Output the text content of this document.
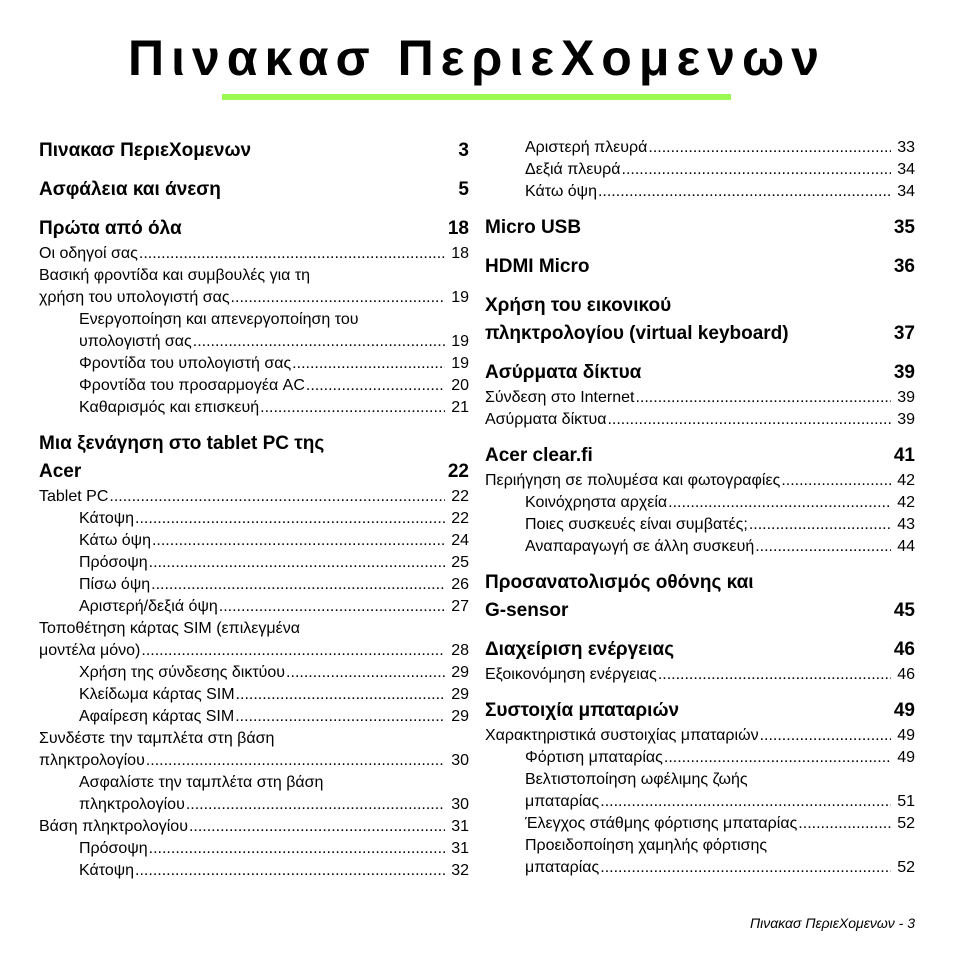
Πινακασ ΠεριεΧομενων
Πινακασ ΠεριεΧομενων	3
Ασφάλεια και άνεση	5
Πρώτα από όλα	18
Οι οδηγοί σας .....	18
Βασική φροντίδα και συμβουλές για τη
χρήση του υπολογιστή σας .....	19
Ενεργοποίηση και απενεργοποίηση του
υπολογιστή σας .....	19
Φροντίδα του υπολογιστή σας .....	19
Φροντίδα του προσαρμογέα AC .....	20
Καθαρισμός και επισκευή .....	21
Μια ξενάγηση στο tablet PC της
Acer	22
Tablet PC .....	22
Κάτοψη .....	22
Κάτω όψη .....	24
Πρόσοψη .....	25
Πίσω όψη .....	26
Αριστερή/δεξιά όψη .....	27
Τοποθέτηση κάρτας SIM (επιλεγμένα
μοντέλα μόνο) .....	28
Χρήση της σύνδεσης δικτύου .....	29
Κλείδωμα κάρτας SIM .....	29
Αφαίρεση κάρτας SIM .....	29
Συνδέστε την ταμπλέτα στη βάση
πληκτρολογίου .....	30
Ασφαλίστε την ταμπλέτα στη βάση
πληκτρολογίου .....	30
Βάση πληκτρολογίου .....	31
Πρόσοψη .....	31
Κάτοψη .....	32
Αριστερή πλευρά .....	33
Δεξιά πλευρά .....	34
Κάτω όψη .....	34
Micro USB	35
HDMI Micro	36
Χρήση του εικονικού
πληκτρολογίου (virtual keyboard)	37
Ασύρματα δίκτυα	39
Σύνδεση στο Internet .....	39
Ασύρματα δίκτυα .....	39
Acer clear.fi	41
Περιήγηση σε πολυμέσα και φωτογραφίες .....	42
Κοινόχρηστα αρχεία .....	42
Ποιες συσκευές είναι συμβατές; .....	43
Αναπαραγωγή σε άλλη συσκευή .....	44
Προσανατολισμός οθόνης και
G-sensor	45
Διαχείριση ενέργειας	46
Εξοικονόμηση ενέργειας .....	46
Συστοιχία μπαταριών	49
Χαρακτηριστικά συστοιχίας μπαταριών .....	49
Φόρτιση μπαταρίας .....	49
Βελτιστοποίηση ωφέλιμης ζωής
μπαταρίας .....	51
Έλεγχος στάθμης φόρτισης μπαταρίας .....	52
Προειδοποίηση χαμηλής φόρτισης
μπαταρίας .....	52
Πινακασ ΠεριεΧομενων - 3
